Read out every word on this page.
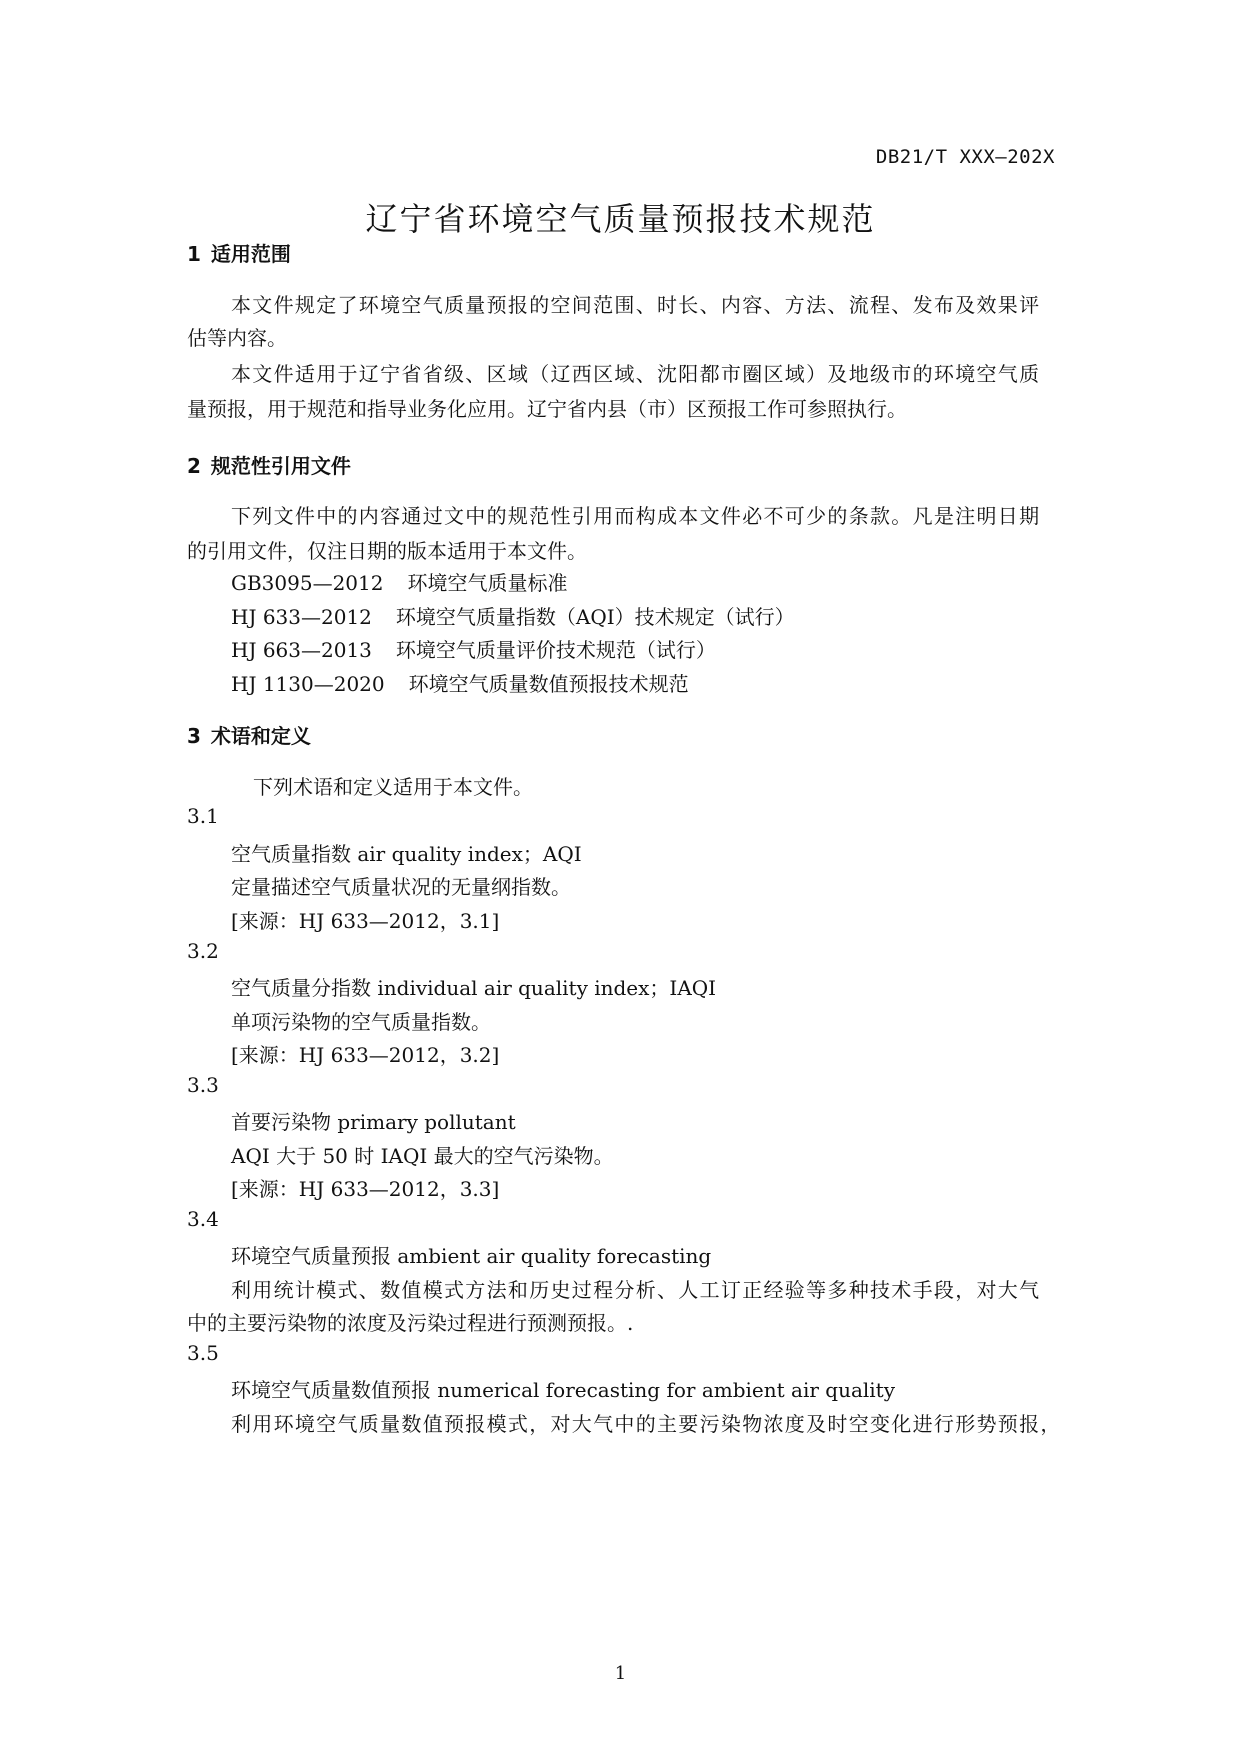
DB21/T XXX—202X
辽宁省环境空气质量预报技术规范
1 适用范围
本文件规定了环境空气质量预报的空间范围、时长、内容、方法、流程、发布及效果评
估等内容。
本文件适用于辽宁省省级、区域（辽西区域、沈阳都市圈区域）及地级市的环境空气质
量预报，用于规范和指导业务化应用。辽宁省内县（市）区预报工作可参照执行。
2 规范性引用文件
下列文件中的内容通过文中的规范性引用而构成本文件必不可少的条款。凡是注明日期
的引用文件，仅注日期的版本适用于本文件。
GB3095—2012 环境空气质量标准
HJ 633—2012 环境空气质量指数（AQI）技术规定（试行）
HJ 663—2013 环境空气质量评价技术规范（试行）
HJ 1130—2020 环境空气质量数值预报技术规范
3 术语和定义
下列术语和定义适用于本文件。
3.1
空气质量指数 air quality index；AQI
定量描述空气质量状况的无量纲指数。
[来源：HJ 633—2012，3.1]
3.2
空气质量分指数 individual air quality index；IAQI
单项污染物的空气质量指数。
[来源：HJ 633—2012，3.2]
3.3
首要污染物 primary pollutant
AQI 大于 50 时 IAQI 最大的空气污染物。
[来源：HJ 633—2012，3.3]
3.4
环境空气质量预报 ambient air quality forecasting
利用统计模式、数值模式方法和历史过程分析、人工订正经验等多种技术手段，对大气
中的主要污染物的浓度及污染过程进行预测预报。.
3.5
环境空气质量数值预报 numerical forecasting for ambient air quality
利用环境空气质量数值预报模式，对大气中的主要污染物浓度及时空变化进行形势预报，
1
